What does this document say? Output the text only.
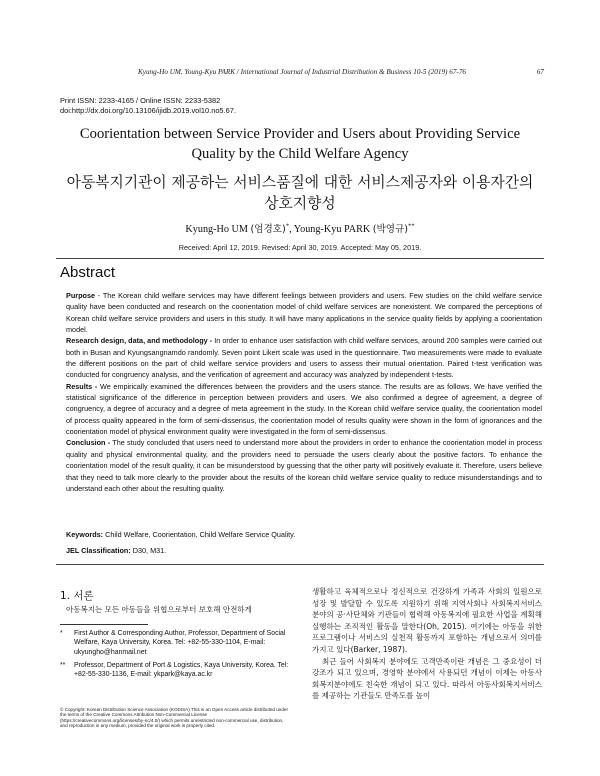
Kyung-Ho UM, Young-Kyu PARK / International Journal of Industrial Distribution & Business 10-5 (2019) 67-76	67
Print ISSN: 2233-4165 / Online ISSN: 2233-5382
doi:http://dx.doi.org/10.13106/ijidb.2019.vol10.no5.67.
Coorientation between Service Provider and Users about Providing Service
Quality by the Child Welfare Agency
아동복지기관이 제공하는 서비스품질에 대한 서비스제공자와 이용자간의
상호지향성
Kyung-Ho UM (엄경호)*, Young-Kyu PARK (박영규)**
Received: April 12, 2019. Revised: April 30, 2019. Accepted: May 05, 2019.
Abstract

Purpose - The Korean child welfare services may have different feelings between providers and users. Few studies on the child welfare service quality have been conducted and research on the coorientation model of child welfare services are nonexistent. We compared the perceptions of Korean child welfare service providers and users in this study. It will have many applications in the service quality fields by applying a coorientation model.

Research design, data, and methodology - In order to enhance user satisfaction with child welfare services, around 200 samples were carried out both in Busan and Kyungsangnamdo randomly. Seven point Likert scale was used in the questionnaire. Two measurements were made to evaluate the different positions on the part of child welfare service providers and users to assess their mutual orientation. Paired t-test verification was conducted for congruency analysis, and the verification of agreement and accuracy was analyzed by independent t-tests.

Results - We empirically examined the differences between the providers and the users stance. The results are as follows. We have verified the statistical significance of the difference in perception between providers and users. We also confirmed a degree of agreement, a degree of congruency, a degree of accuracy and a degree of meta agreement in the study. In the Korean child welfare service quality, the coorientation model of process quality appeared in the form of semi-dissensus, the coorientation model of results quality were shown in the form of ignorances and the coorientation model of physical environment quality were investigated in the form of semi-dissensus.

Conclusion - The study concluded that users need to understand more about the providers in order to enhance the coorientation model in process quality and physical environmental quality, and the providers need to persuade the users clearly about the positive factors. To enhance the coorientation model of the result quality, it can be misunderstood by guessing that the other party will positively evaluate it. Therefore, users believe that they need to talk more clearly to the provider about the results of the korean child welfare service quality to reduce misunderstandings and to understand each other about the resulting quality.

Keywords: Child Welfare, Coorientation, Child Welfare Service Quality.
JEL Classification: D30, M31.
1. 서론
아동복지는 모든 아동들을 위협으로부터 보호해 안전하게
* First Author & Corresponding Author, Professor, Department of Social Welfare, Kaya University, Korea. Tel: +82-55-330-1104, E-mail: ukyungho@hanmail.net
** Professor, Department of Port & Logistics, Kaya University, Korea. Tel: +82-55-330-1136, E-mail: ykpark@kaya.ac.kr
© Copyright: Korean Distribution Science Association (KODISA) This is an Open Access article distributed under the terms of the Creative Commons Attribution Non-Commercial License (https://creativecommons.org/licenses/by-nc/4.0/) which permits unrestricted non-commercial use, distribution, and reproduction in any medium, provided the original work is properly cited.

생활하고 육체적으로나 정신적으로 건강하게 가족과 사회의 일원으로 성장 및 발달할 수 있도록 지원하기 위해 지역사회나 사회복지서비스 분야의 공·사단체와 기관들이 협력해 아동복지에 필요한 사업을 계획해 실행하는 조직적인 활동을 말한다(Oh, 2015). 여기에는 아동을 위한 프로그램이나 서비스의 실천적 활동까지 포함하는 개념으로서 의미를 가지고 있다(Barker, 1987).

최근 들어 사회복지 분야에도 고객만족이란 개념은 그 중요성이 더 강조가 되고 있으며, 경영학 분야에서 사용되던 개념이 이제는 아동사회복지분야에도 친숙한 개념이 되고 있다. 따라서 아동사회복지서비스를 제공하는 기관들도 만족도를 높이
